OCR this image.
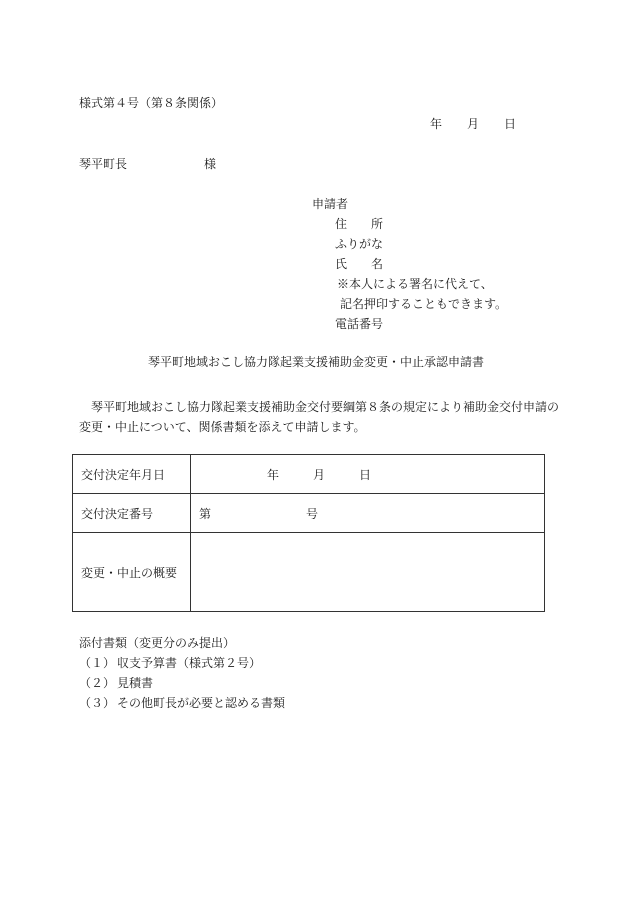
様式第４号（第８条関係）
年 月 日
琴平町長	様
申請者
住　　所
ふりがな
氏　　名
※本人による署名に代えて、
記名押印することもできます。
電話番号
琴平町地域おこし協力隊起業支援補助金変更・中止承認申請書
琴平町地域おこし協力隊起業支援補助金交付要綱第８条の規定により補助金交付申請の
変更・中止について、関係書類を添えて申請します。
交付決定年月日	年 月 日
交付決定番号	第 号
変更・中止の概要	
添付書類（変更分のみ提出）
（１） 収支予算書（様式第２号）
（２） 見積書
（３） その他町長が必要と認める書類
